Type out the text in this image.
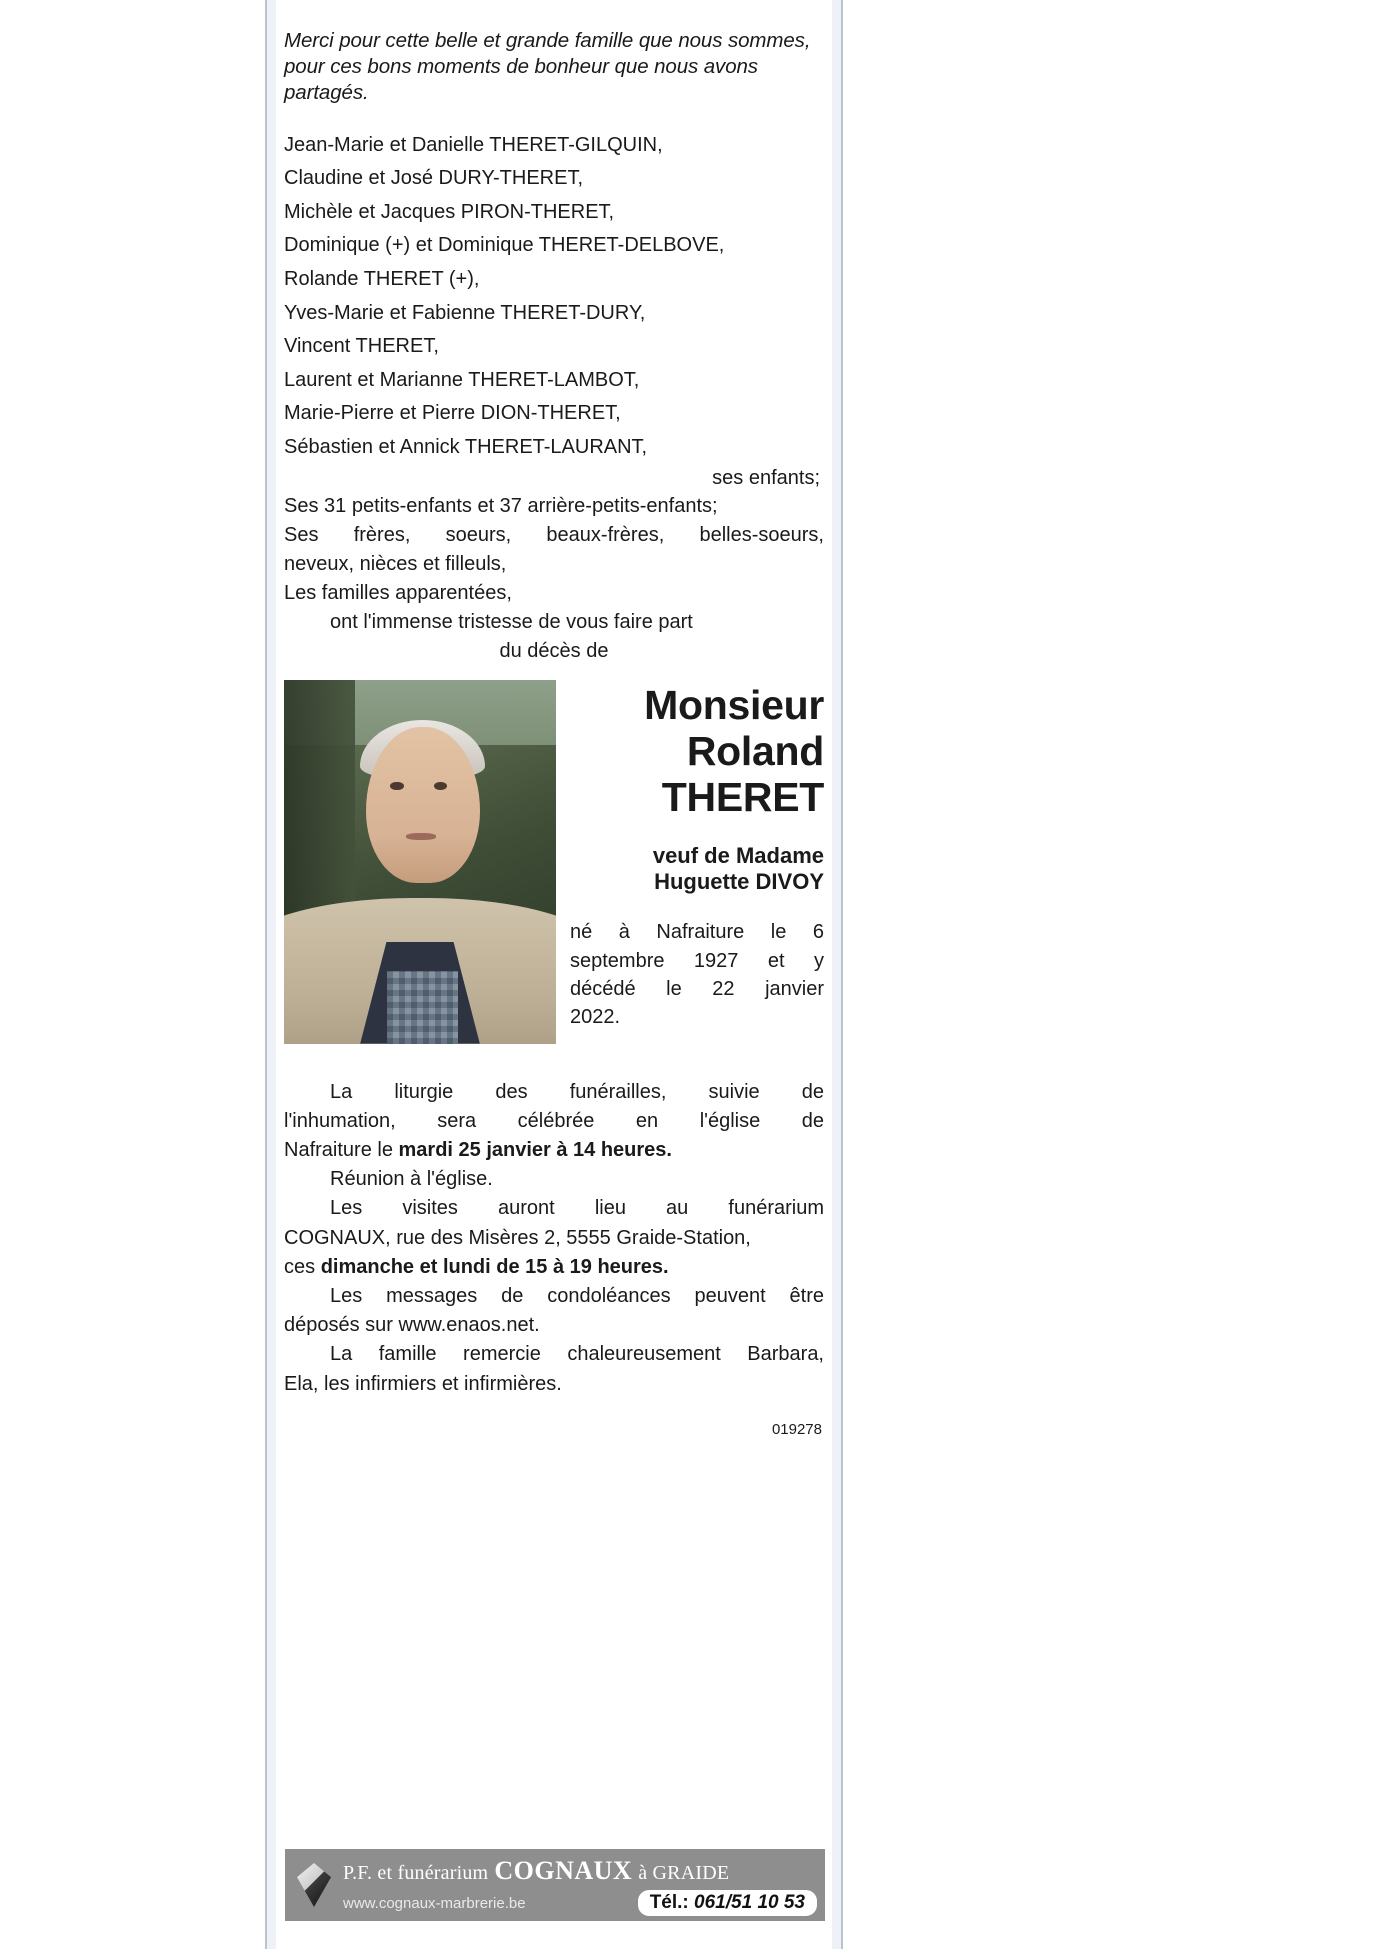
Merci pour cette belle et grande famille que nous sommes, pour ces bons moments de bonheur que nous avons partagés.
Jean-Marie et Danielle THERET-GILQUIN,
Claudine et José DURY-THERET,
Michèle et Jacques PIRON-THERET,
Dominique (+) et Dominique THERET-DELBOVE,
Rolande THERET (+),
Yves-Marie et Fabienne THERET-DURY,
Vincent THERET,
Laurent et Marianne THERET-LAMBOT,
Marie-Pierre et Pierre DION-THERET,
Sébastien et Annick THERET-LAURANT,
ses enfants;
Ses 31 petits-enfants et 37 arrière-petits-enfants;
Ses frères, soeurs, beaux-frères, belles-soeurs,
neveux, nièces et filleuls,
Les familles apparentées,
ont l'immense tristesse de vous faire part
du décès de
Monsieur
Roland
THERET
veuf de Madame
Huguette DIVOY
né à Nafraiture le 6
septembre 1927 et y
décédé le 22 janvier
2022.

La liturgie des funérailles, suivie de

l'inhumation, sera célébrée en l'église de

Nafraiture le mardi 25 janvier à 14 heures.

Réunion à l'église.

Les visites auront lieu au funérarium

COGNAUX, rue des Misères 2, 5555 Graide-Station,

ces dimanche et lundi de 15 à 19 heures.

Les messages de condoléances peuvent être

déposés sur www.enaos.net.

La famille remercie chaleureusement Barbara,

Ela, les infirmiers et infirmières.

019278
P.F. et funérarium COGNAUX à GRAIDE
www.cognaux-marbrerie.be	Tél.: 061/51 10 53
